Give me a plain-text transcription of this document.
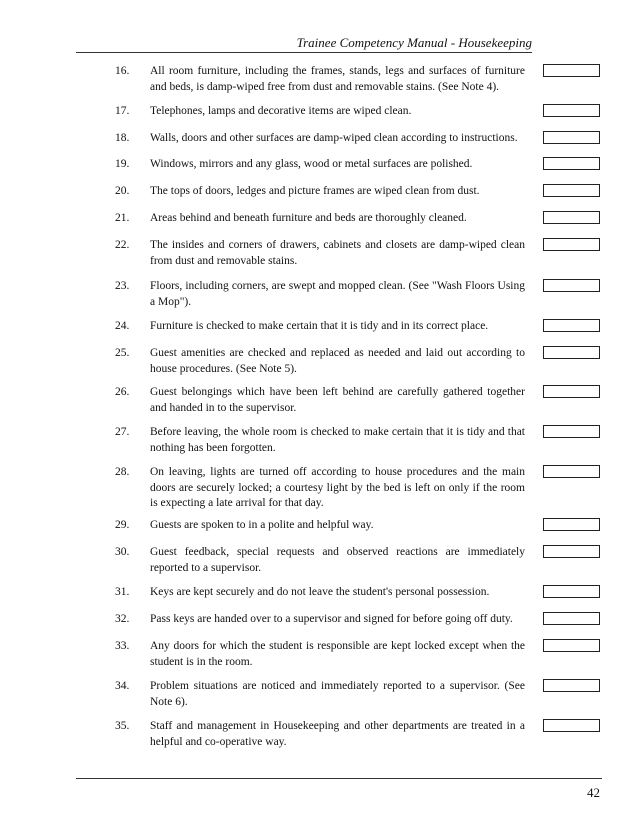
Trainee Competency Manual - Housekeeping
16. All room furniture, including the frames, stands, legs and surfaces of furniture and beds, is damp-wiped free from dust and removable stains. (See Note 4).
17. Telephones, lamps and decorative items are wiped clean.
18. Walls, doors and other surfaces are damp-wiped clean according to instructions.
19. Windows, mirrors and any glass, wood or metal surfaces are polished.
20. The tops of doors, ledges and picture frames are wiped clean from dust.
21. Areas behind and beneath furniture and beds are thoroughly cleaned.
22. The insides and corners of drawers, cabinets and closets are damp-wiped clean from dust and removable stains.
23. Floors, including corners, are swept and mopped clean. (See "Wash Floors Using a Mop").
24. Furniture is checked to make certain that it is tidy and in its correct place.
25. Guest amenities are checked and replaced as needed and laid out according to house procedures. (See Note 5).
26. Guest belongings which have been left behind are carefully gathered together and handed in to the supervisor.
27. Before leaving, the whole room is checked to make certain that it is tidy and that nothing has been forgotten.
28. On leaving, lights are turned off according to house procedures and the main doors are securely locked; a courtesy light by the bed is left on only if the room is expecting a late arrival for that day.
29. Guests are spoken to in a polite and helpful way.
30. Guest feedback, special requests and observed reactions are immediately reported to a supervisor.
31. Keys are kept securely and do not leave the student's personal possession.
32. Pass keys are handed over to a supervisor and signed for before going off duty.
33. Any doors for which the student is responsible are kept locked except when the student is in the room.
34. Problem situations are noticed and immediately reported to a supervisor. (See Note 6).
35. Staff and management in Housekeeping and other departments are treated in a helpful and co-operative way.
42
